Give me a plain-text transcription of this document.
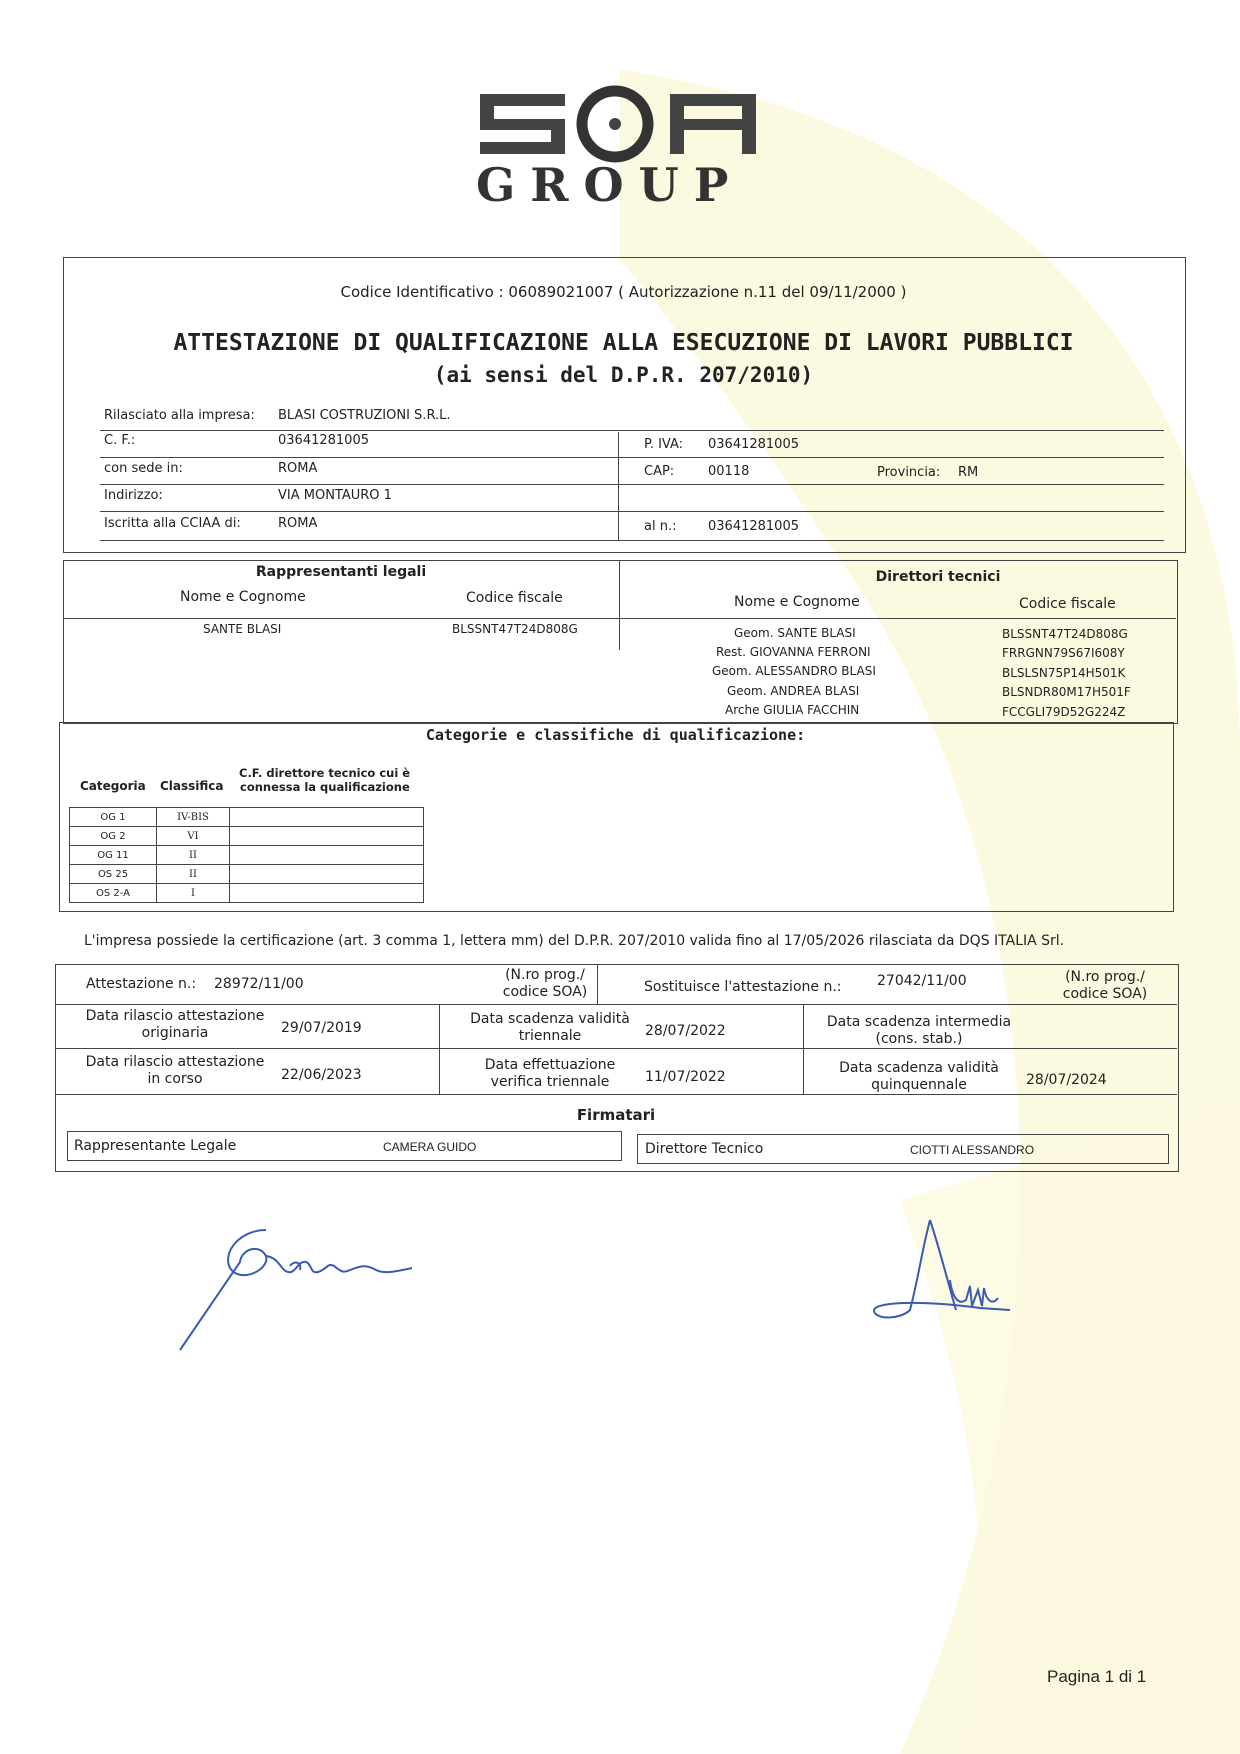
GROUP
Codice Identificativo : 06089021007 ( Autorizzazione n.11 del 09/11/2000 )
ATTESTAZIONE DI QUALIFICAZIONE ALLA ESECUZIONE DI LAVORI PUBBLICI
(ai sensi del D.P.R. 207/2010)
Rilasciato alla impresa: BLASI COSTRUZIONI S.R.L.
C. F.:	03641281005	P. IVA: 03641281005
con sede in:	ROMA	CAP:	00118	Provincia: RM
Indirizzo:	VIA MONTAURO 1
Iscritta alla CCIAA di:	ROMA	al n.: 03641281005
Rappresentanti legali
Nome e Cognome	Codice fiscale
SANTE BLASI	BLSSNT47T24D808G
Direttori tecnici
Nome e Cognome	Codice fiscale
Geom. SANTE BLASI	BLSSNT47T24D808G
Rest. GIOVANNA FERRONI	FRRGNN79S67I608Y
Geom. ALESSANDRO BLASI	BLSLSN75P14H501K
Geom. ANDREA BLASI	BLSNDR80M17H501F
Arche GIULIA FACCHIN	FCCGLI79D52G224Z
Categorie e classifiche di qualificazione:
Categoria Classifica
C.F. direttore tecnico cui è
connessa la qualificazione
OG 1	IV-BIS	
OG 2	VI	
OG 11	II	
OS 25	II	
OS 2-A	I	
L'impresa possiede la certificazione (art. 3 comma 1, lettera mm) del D.P.R. 207/2010 valida fino al 17/05/2026 rilasciata da DQS ITALIA Srl.
Attestazione n.: 28972/11/00
(N.ro prog./
codice SOA)	Sostituisce l'attestazione n.:	27042/11/00	(N.ro prog./
codice SOA)
Data rilascio attestazione
originaria	29/07/2019
Data scadenza validità
triennale	28/07/2022
Data scadenza intermedia
(cons. stab.)
Data rilascio attestazione
in corso	22/06/2023
Data effettuazione
verifica triennale	11/07/2022
Data scadenza validità
quinquennale	28/07/2024
Firmatari
Rappresentante Legale	CAMERA GUIDO	Direttore Tecnico	CIOTTI ALESSANDRO
Pagina 1 di 1
